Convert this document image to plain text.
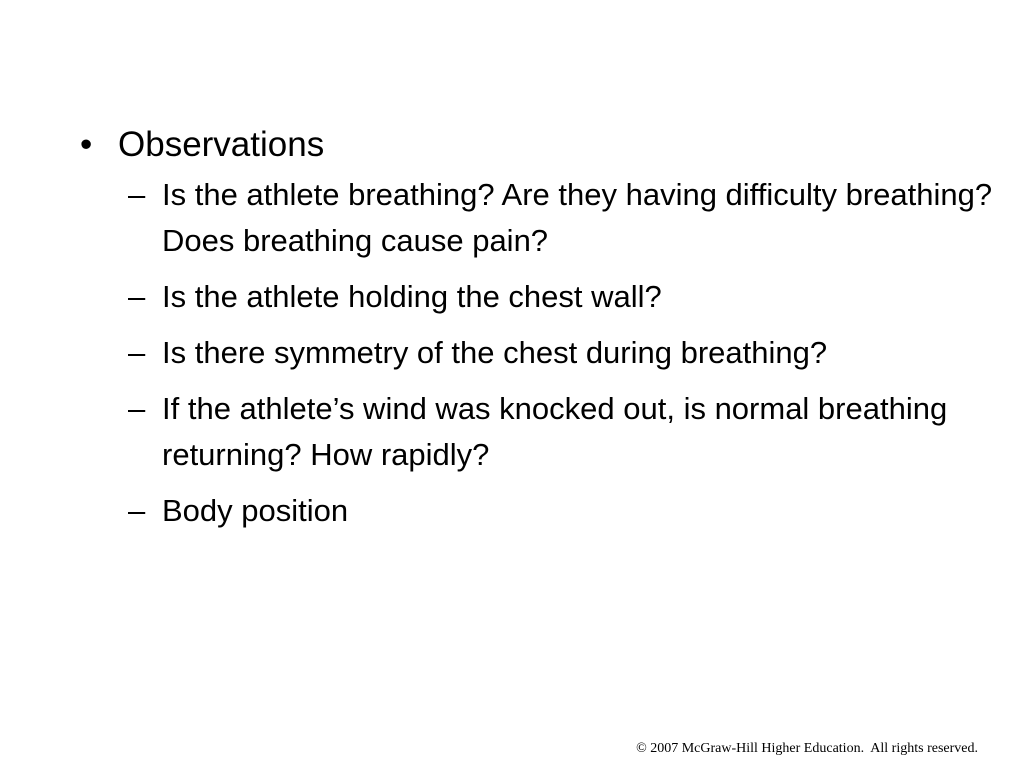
• Observations
– Is the athlete breathing? Are they having difficulty breathing? Does breathing cause pain?
– Is the athlete holding the chest wall?
– Is there symmetry of the chest during breathing?
– If the athlete’s wind was knocked out, is normal breathing returning? How rapidly?
– Body position
© 2007 McGraw-Hill Higher Education.  All rights reserved.
